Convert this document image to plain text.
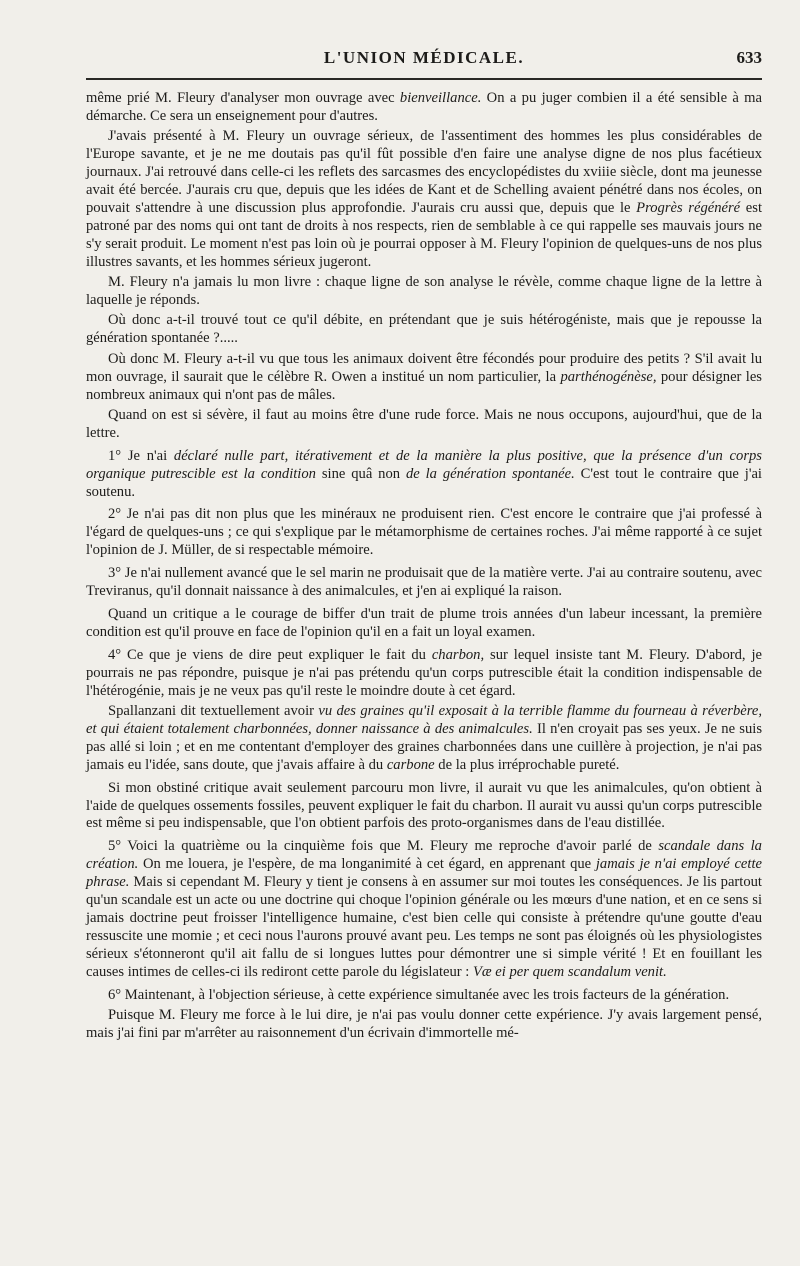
L'UNION MÉDICALE.	633

même prié M. Fleury d'analyser mon ouvrage avec bienveillance. On a pu juger combien il a été sensible à ma démarche. Ce sera un enseignement pour d'autres.

J'avais présenté à M. Fleury un ouvrage sérieux, de l'assentiment des hommes les plus considérables de l'Europe savante, et je ne me doutais pas qu'il fût possible d'en faire une analyse digne de nos plus facétieux journaux. J'ai retrouvé dans celle-ci les reflets des sarcasmes des encyclopédistes du xviiie siècle, dont ma jeunesse avait été bercée. J'aurais cru que, depuis que les idées de Kant et de Schelling avaient pénétré dans nos écoles, on pouvait s'attendre à une discussion plus approfondie. J'aurais cru aussi que, depuis que le Progrès régénéré est patroné par des noms qui ont tant de droits à nos respects, rien de semblable à ce qui rappelle ses mauvais jours ne s'y serait produit. Le moment n'est pas loin où je pourrai opposer à M. Fleury l'opinion de quelques-uns de nos plus illustres savants, et les hommes sérieux jugeront.

M. Fleury n'a jamais lu mon livre : chaque ligne de son analyse le révèle, comme chaque ligne de la lettre à laquelle je réponds.

Où donc a-t-il trouvé tout ce qu'il débite, en prétendant que je suis hétérogéniste, mais que je repousse la génération spontanée ?.....

Où donc M. Fleury a-t-il vu que tous les animaux doivent être fécondés pour produire des petits ? S'il avait lu mon ouvrage, il saurait que le célèbre R. Owen a institué un nom particulier, la parthénogénèse, pour désigner les nombreux animaux qui n'ont pas de mâles.

Quand on est si sévère, il faut au moins être d'une rude force. Mais ne nous occupons, aujourd'hui, que de la lettre.

1° Je n'ai déclaré nulle part, itérativement et de la manière la plus positive, que la présence d'un corps organique putrescible est la condition sine quâ non de la génération spontanée. C'est tout le contraire que j'ai soutenu.

2° Je n'ai pas dit non plus que les minéraux ne produisent rien. C'est encore le contraire que j'ai professé à l'égard de quelques-uns ; ce qui s'explique par le métamorphisme de certaines roches. J'ai même rapporté à ce sujet l'opinion de J. Müller, de si respectable mémoire.

3° Je n'ai nullement avancé que le sel marin ne produisait que de la matière verte. J'ai au contraire soutenu, avec Treviranus, qu'il donnait naissance à des animalcules, et j'en ai expliqué la raison.

Quand un critique a le courage de biffer d'un trait de plume trois années d'un labeur incessant, la première condition est qu'il prouve en face de l'opinion qu'il en a fait un loyal examen.

4° Ce que je viens de dire peut expliquer le fait du charbon, sur lequel insiste tant M. Fleury. D'abord, je pourrais ne pas répondre, puisque je n'ai pas prétendu qu'un corps putrescible était la condition indispensable de l'hétérogénie, mais je ne veux pas qu'il reste le moindre doute à cet égard.

Spallanzani dit textuellement avoir vu des graines qu'il exposait à la terrible flamme du fourneau à réverbère, et qui étaient totalement charbonnées, donner naissance à des animalcules. Il n'en croyait pas ses yeux. Je ne suis pas allé si loin ; et en me contentant d'employer des graines charbonnées dans une cuillère à projection, je n'ai pas jamais eu l'idée, sans doute, que j'avais affaire à du carbone de la plus irréprochable pureté.

Si mon obstiné critique avait seulement parcouru mon livre, il aurait vu que les animalcules, qu'on obtient à l'aide de quelques ossements fossiles, peuvent expliquer le fait du charbon. Il aurait vu aussi qu'un corps putrescible est même si peu indispensable, que l'on obtient parfois des proto-organismes dans de l'eau distillée.

5° Voici la quatrième ou la cinquième fois que M. Fleury me reproche d'avoir parlé de scandale dans la création. On me louera, je l'espère, de ma longanimité à cet égard, en apprenant que jamais je n'ai employé cette phrase. Mais si cependant M. Fleury y tient je consens à en assumer sur moi toutes les conséquences. Je lis partout qu'un scandale est un acte ou une doctrine qui choque l'opinion générale ou les mœurs d'une nation, et en ce sens si jamais doctrine peut froisser l'intelligence humaine, c'est bien celle qui consiste à prétendre qu'une goutte d'eau ressuscite une momie ; et ceci nous l'aurons prouvé avant peu. Les temps ne sont pas éloignés où les physiologistes sérieux s'étonneront qu'il ait fallu de si longues luttes pour démontrer une si simple vérité ! Et en fouillant les causes intimes de celles-ci ils rediront cette parole du législateur : Væ ei per quem scandalum venit.

6° Maintenant, à l'objection sérieuse, à cette expérience simultanée avec les trois facteurs de la génération.

Puisque M. Fleury me force à le lui dire, je n'ai pas voulu donner cette expérience. J'y avais largement pensé, mais j'ai fini par m'arrêter au raisonnement d'un écrivain d'immortelle mé-
